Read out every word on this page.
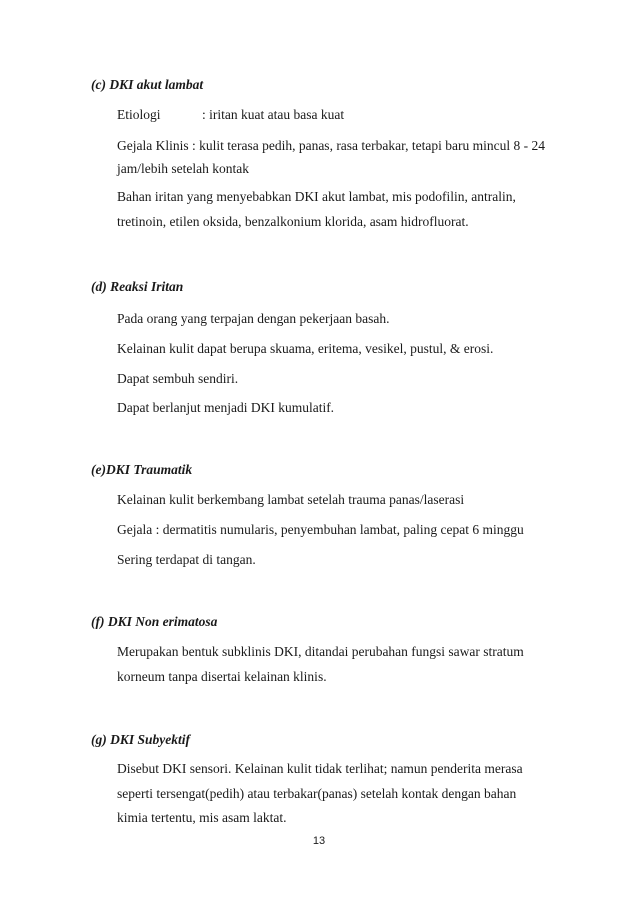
(c) DKI akut lambat
Etiologi	: iritan kuat atau basa kuat
Gejala Klinis : kulit terasa pedih, panas, rasa terbakar, tetapi baru mincul 8 - 24
jam/lebih setelah kontak
Bahan iritan yang menyebabkan DKI akut lambat, mis podofilin, antralin,
tretinoin, etilen oksida, benzalkonium klorida, asam hidrofluorat.
(d) Reaksi Iritan
Pada orang yang terpajan dengan pekerjaan basah.
Kelainan kulit dapat berupa skuama, eritema, vesikel, pustul, & erosi.
Dapat sembuh sendiri.
Dapat berlanjut menjadi DKI kumulatif.
(e)DKI Traumatik
Kelainan kulit berkembang lambat setelah trauma panas/laserasi
Gejala : dermatitis numularis, penyembuhan lambat, paling cepat 6 minggu
Sering terdapat di tangan.
(f) DKI Non erimatosa
Merupakan bentuk subklinis DKI, ditandai perubahan fungsi sawar stratum
korneum tanpa disertai kelainan klinis.
(g) DKI Subyektif
Disebut DKI sensori. Kelainan kulit tidak terlihat; namun penderita merasa
seperti tersengat(pedih) atau terbakar(panas) setelah kontak dengan bahan
kimia tertentu, mis asam laktat.
13
